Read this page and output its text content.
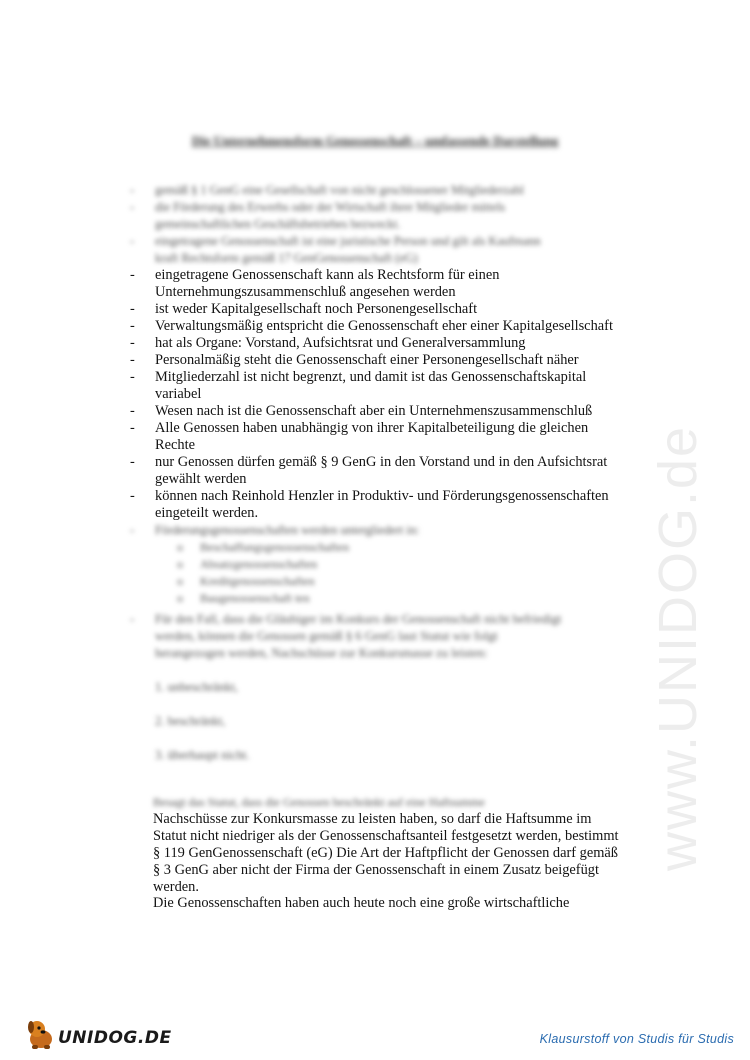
www.UNIDOG.de
Die Unternehmensform Genossenschaft – umfassende Darstellung
- gemäß § 1 GenG eine Gesellschaft von nicht geschlossener Mitgliederzahl
- die Förderung des Erwerbs oder der Wirtschaft ihrer Mitglieder mittels
gemeinschaftlichen Geschäftsbetriebes bezweckt.
- eingetragene Genossenschaft ist eine juristische Person und gilt als Kaufmann
kraft Rechtsform gemäß 17 GenGenossenschaft (eG)
- eingetragene Genossenschaft kann als Rechtsform für einen
Unternehmungszusammenschluß angesehen werden
- ist weder Kapitalgesellschaft noch Personengesellschaft
- Verwaltungsmäßig entspricht die Genossenschaft eher einer Kapitalgesellschaft
- hat als Organe: Vorstand, Aufsichtsrat und Generalversammlung
- Personalmäßig steht die Genossenschaft einer Personengesellschaft näher
- Mitgliederzahl ist nicht begrenzt, und damit ist das Genossenschaftskapital
variabel
- Wesen nach ist die Genossenschaft aber ein Unternehmenszusammenschluß
- Alle Genossen haben unabhängig von ihrer Kapitalbeteiligung die gleichen
Rechte
- nur Genossen dürfen gemäß § 9 GenG in den Vorstand und in den Aufsichtsrat
gewählt werden
- können nach Reinhold Henzler in Produktiv- und Förderungsgenossenschaften
eingeteilt werden.
- Förderungsgenossenschaften werden untergliedert in:
o Beschaffungsgenossenschaften
o Absatzgenossenschaften
o Kreditgenossenschaften
o Baugenossenschaft ten
- Für den Fall, dass die Gläubiger im Konkurs der Genossenschaft nicht befriedigt
werden, können die Genossen gemäß § 6 GenG laut Statut wie folgt
herangezogen werden, Nachschüsse zur Konkursmasse zu leisten:
1. unbeschränkt,
2. beschränkt,
3. überhaupt nicht.
Besagt das Statut, dass die Genossen beschränkt auf eine Haftsumme
Nachschüsse zur Konkursmasse zu leisten haben, so darf die Haftsumme im
Statut nicht niedriger als der Genossenschaftsanteil festgesetzt werden, bestimmt
§ 119 GenGenossenschaft (eG) Die Art der Haftpflicht der Genossen darf gemäß
§ 3 GenG aber nicht der Firma der Genossenschaft in einem Zusatz beigefügt
werden.
Die Genossenschaften haben auch heute noch eine große wirtschaftliche
UNIDOG.DE	Klausurstoff von Studis für Studis
